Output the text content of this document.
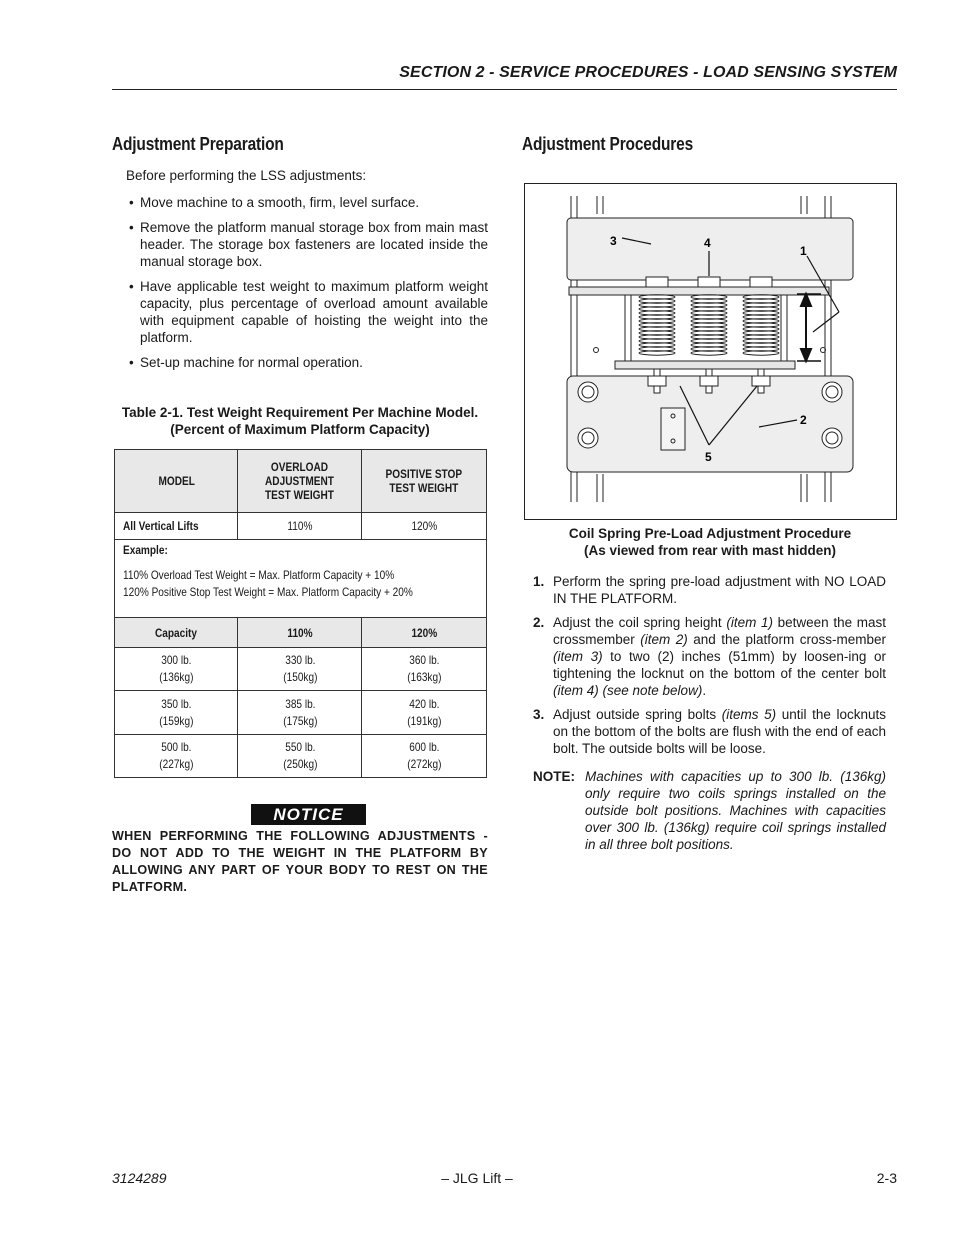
SECTION 2 - SERVICE PROCEDURES - LOAD SENSING SYSTEM
Adjustment Preparation
Before performing the LSS adjustments:
• Move machine to a smooth, firm, level surface.
• Remove the platform manual storage box from main mast header. The storage box fasteners are located inside the manual storage box.
• Have applicable test weight to maximum platform weight capacity, plus percentage of overload amount available with equipment capable of hoisting the weight into the platform.
• Set-up machine for normal operation.
Table 2-1. Test Weight Requirement Per Machine Model.
(Percent of Maximum Platform Capacity)
MODEL	OVERLOAD ADJUSTMENT TEST WEIGHT	POSITIVE STOP TEST WEIGHT
All Vertical Lifts	110%	120%

Example:
110% Overload Test Weight = Max. Platform Capacity + 10%
120% Positive Stop Test Weight = Max. Platform Capacity + 20%		

Capacity	110%	120%
300 lb.
(136kg)	330 lb.
(150kg)	360 lb.
(163kg)
350 lb.
(159kg)	385 lb.
(175kg)	420 lb.
(191kg)
500 lb.
(227kg)	550 lb.
(250kg)	600 lb.
(272kg)
NOTICE
WHEN PERFORMING THE FOLLOWING ADJUSTMENTS - DO NOT ADD TO THE WEIGHT IN THE PLATFORM BY ALLOWING ANY PART OF YOUR BODY TO REST ON THE PLATFORM.
Adjustment Procedures
3	4
1
2
5
Coil Spring Pre-Load Adjustment Procedure
(As viewed from rear with mast hidden)
1. Perform the spring pre-load adjustment with NO LOAD IN THE PLATFORM.
2. Adjust the coil spring height (item 1) between the mast crossmember (item 2) and the platform cross-member (item 3) to two (2) inches (51mm) by loosen-ing or tightening the locknut on the bottom of the center bolt (item 4) (see note below).
3. Adjust outside spring bolts (items 5) until the locknuts on the bottom of the bolts are flush with the end of each bolt. The outside bolts will be loose.
NOTE: Machines with capacities up to 300 lb. (136kg) only require two coils springs installed on the outside bolt positions. Machines with capacities over 300 lb. (136kg) require coil springs installed in all three bolt positions.
3124289	– JLG Lift –	2-3
